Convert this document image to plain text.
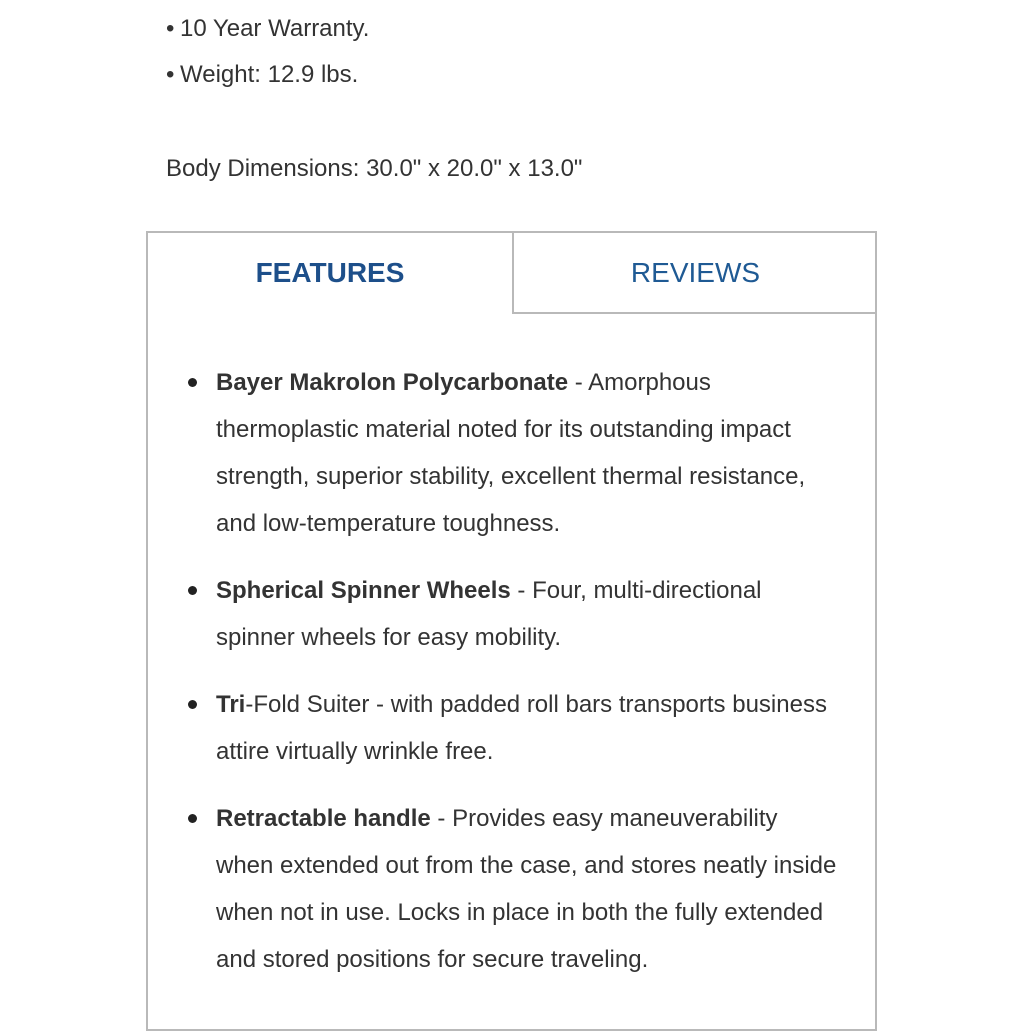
• 10 Year Warranty.
• Weight: 12.9 lbs.
Body Dimensions: 30.0" x 20.0" x 13.0"
FEATURES	REVIEWS
Bayer Makrolon Polycarbonate - Amorphous thermoplastic material noted for its outstanding impact strength, superior stability, excellent thermal resistance, and low-temperature toughness.
Spherical Spinner Wheels - Four, multi-directional spinner wheels for easy mobility.
Tri-Fold Suiter - with padded roll bars transports business attire virtually wrinkle free.
Retractable handle - Provides easy maneuverability when extended out from the case, and stores neatly inside when not in use. Locks in place in both the fully extended and stored positions for secure traveling.
